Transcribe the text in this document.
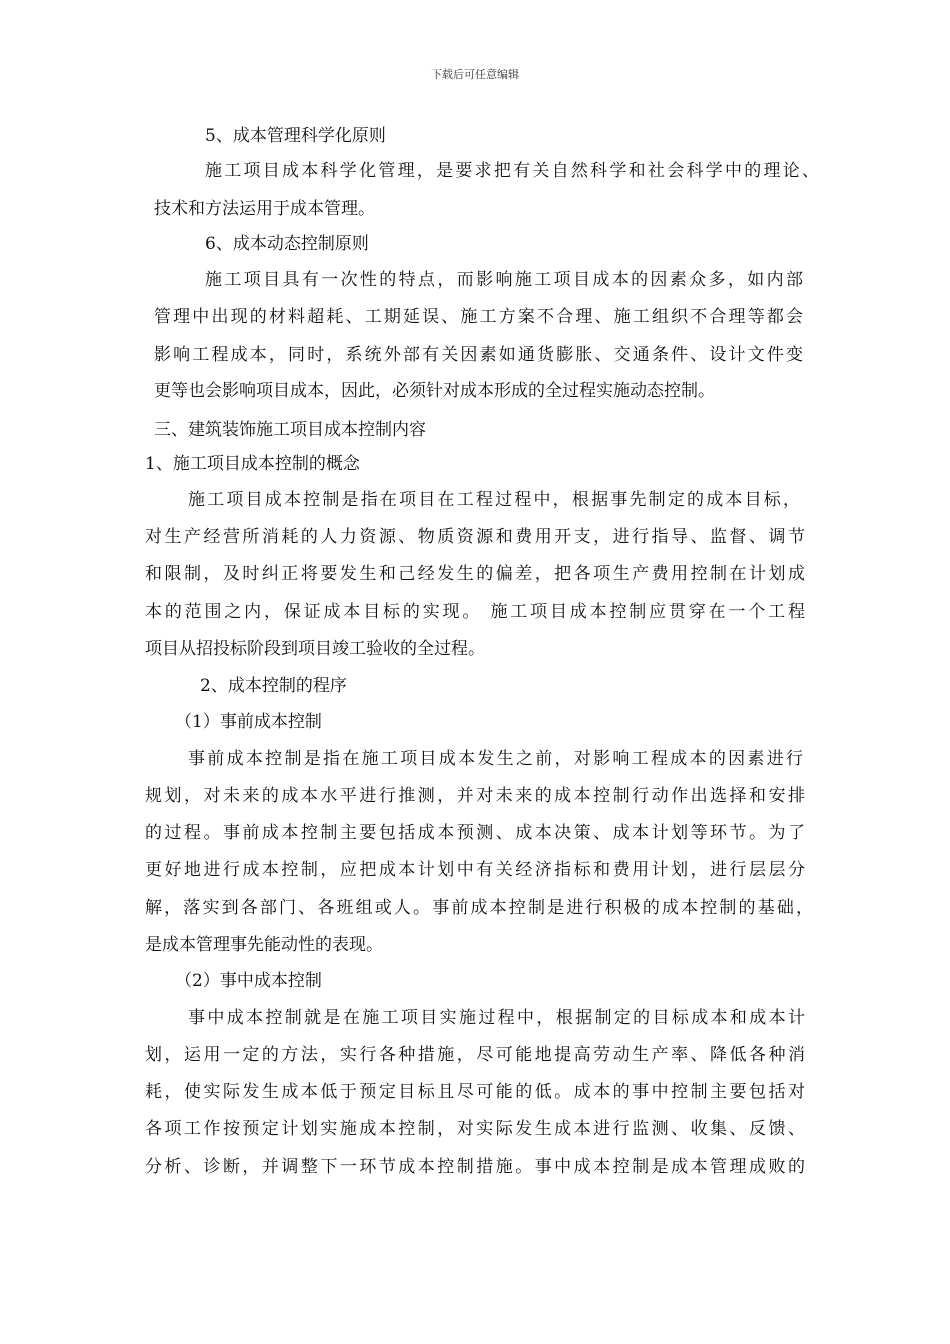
下载后可任意编辑
5、成本管理科学化原则
施工项目成本科学化管理，是要求把有关自然科学和社会科学中的理论、
技术和方法运用于成本管理。
6、成本动态控制原则
施工项目具有一次性的特点，而影响施工项目成本的因素众多，如内部
管理中出现的材料超耗、工期延误、施工方案不合理、施工组织不合理等都会
影响工程成本，同时，系统外部有关因素如通货膨胀、交通条件、设计文件变
更等也会影响项目成本，因此，必须针对成本形成的全过程实施动态控制。
三、建筑装饰施工项目成本控制内容
1、施工项目成本控制的概念
施工项目成本控制是指在项目在工程过程中，根据事先制定的成本目标，
对生产经营所消耗的人力资源、物质资源和费用开支，进行指导、监督、调节
和限制，及时纠正将要发生和己经发生的偏差，把各项生产费用控制在计划成
本的范围之内，保证成本目标的实现。 施工项目成本控制应贯穿在一个工程
项目从招投标阶段到项目竣工验收的全过程。
2、成本控制的程序
（1）事前成本控制
事前成本控制是指在施工项目成本发生之前，对影响工程成本的因素进行
规划，对未来的成本水平进行推测，并对未来的成本控制行动作出选择和安排
的过程。事前成本控制主要包括成本预测、成本决策、成本计划等环节。为了
更好地进行成本控制，应把成本计划中有关经济指标和费用计划，进行层层分
解，落实到各部门、各班组或人。事前成本控制是进行积极的成本控制的基础，
是成本管理事先能动性的表现。
（2）事中成本控制
事中成本控制就是在施工项目实施过程中，根据制定的目标成本和成本计
划，运用一定的方法，实行各种措施，尽可能地提高劳动生产率、降低各种消
耗，使实际发生成本低于预定目标且尽可能的低。成本的事中控制主要包括对
各项工作按预定计划实施成本控制，对实际发生成本进行监测、收集、反馈、
分析、诊断，并调整下一环节成本控制措施。事中成本控制是成本管理成败的
